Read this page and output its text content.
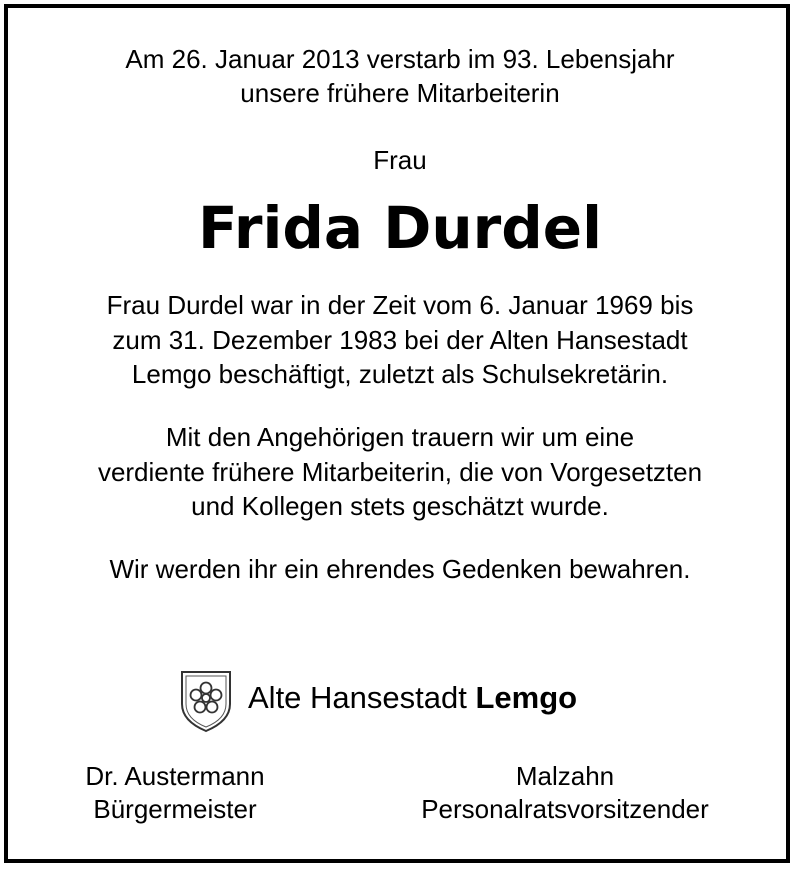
Am 26. Januar 2013 verstarb im 93. Lebensjahr
unsere frühere Mitarbeiterin
Frau
Frida Durdel
Frau Durdel war in der Zeit vom 6. Januar 1969 bis
zum 31. Dezember 1983 bei der Alten Hansestadt
Lemgo beschäftigt, zuletzt als Schulsekretärin.
Mit den Angehörigen trauern wir um eine
verdiente frühere Mitarbeiterin, die von Vorgesetzten
und Kollegen stets geschätzt wurde.
Wir werden ihr ein ehrendes Gedenken bewahren.
Alte Hansestadt Lemgo
Dr. Austermann
Bürgermeister
Malzahn
Personalratsvorsitzender
